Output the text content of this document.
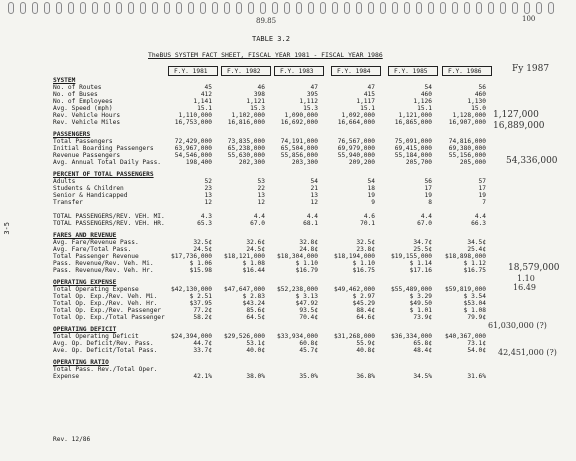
89.85	100
TABLE 3.2
TheBUS SYSTEM FACT SHEET, FISCAL YEAR 1981 - FISCAL YEAR 1986
Fy 1987
F.Y. 1981	F.Y. 1982	F.Y. 1983	F.Y. 1984	F.Y. 1985	F.Y. 1986
SYSTEM
No. of Routes	45	46	47	47	54	56
No. of Buses	412	398	395	415	460	460
No. of Employees	1,141	1,121	1,112	1,117	1,126	1,130
Avg. Speed (mph)	15.1	15.3	15.3	15.1	15.1	15.0
Rev. Vehicle Hours	1,110,000	1,102,000	1,090,000	1,092,000	1,121,000	1,128,000
Rev. Vehicle Miles	16,753,000	16,816,000	16,692,000	16,664,000	16,865,000	16,907,000
PASSENGERS
Total Passengers	72,429,000	73,835,000	74,191,000	76,567,000	75,091,000	74,816,000
Initial Boarding Passengers	63,967,000	65,238,000	65,504,000	69,979,000	69,415,000	69,380,000
Revenue Passengers	54,546,000	55,630,000	55,856,000	55,940,000	55,184,000	55,156,000
Avg. Annual Total Daily Pass.	198,400	202,300	203,300	209,200	205,700	205,000
PERCENT OF TOTAL PASSENGERS
Adults	52	53	54	54	56	57
Students & Children	23	22	21	18	17	17
Senior & Handicapped	13	13	13	19	19	19
Transfer	12	12	12	9	8	7
TOTAL PASSENGERS/REV. VEH. MI.	4.3	4.4	4.4	4.6	4.4	4.4
TOTAL PASSENGERS/REV. VEH. HR.	65.3	67.0	68.1	70.1	67.0	66.3
FARES AND REVENUE
Avg. Fare/Revenue Pass.	32.5¢	32.6¢	32.8¢	32.5¢	34.7¢	34.5¢
Avg. Fare/Total Pass.	24.5¢	24.5¢	24.8¢	23.8¢	25.5¢	25.4¢
Total Passenger Revenue	$17,736,000	$18,121,000	$18,304,000	$18,194,000	$19,155,000	$18,898,000
Pass. Revenue/Rev. Veh. Mi.	$ 1.06	$ 1.08	$ 1.10	$ 1.10	$ 1.14	$ 1.12
Pass. Revenue/Rev. Veh. Hr.	$15.98	$16.44	$16.79	$16.75	$17.16	$16.75
OPERATING EXPENSE
Total Operating Expense	$42,130,000	$47,647,000	$52,238,000	$49,462,000	$55,489,000	$59,819,000
Total Op. Exp./Rev. Veh. Mi.	$ 2.51	$ 2.83	$ 3.13	$ 2.97	$ 3.29	$ 3.54
Total Op. Exp./Rev. Veh. Hr.	$37.95	$43.24	$47.92	$45.29	$49.50	$53.04
Total Op. Exp./Rev. Passenger	77.2¢	85.6¢	93.5¢	88.4¢	$ 1.01	$ 1.08
Total Op. Exp./Total Passenger	58.2¢	64.5¢	70.4¢	64.6¢	73.9¢	79.9¢
OPERATING DEFICIT
Total Operating Deficit	$24,394,000	$29,526,000	$33,934,000	$31,268,000	$36,334,000	$40,367,000
Avg. Op. Deficit/Rev. Pass.	44.7¢	53.1¢	60.8¢	55.9¢	65.8¢	73.1¢
Ave. Op. Deficit/Total Pass.	33.7¢	40.0¢	45.7¢	40.8¢	48.4¢	54.0¢
OPERATING RATIO
Total Pass. Rev./Total Oper.
Expense	42.1%	38.0%	35.0%	36.8%	34.5%	31.6%
1,127,000
16,889,000
54,336,000
18,579,000
1.10
16.49
61,030,000 (?)
42,451,000 (?)
3-5
Rev. 12/86
